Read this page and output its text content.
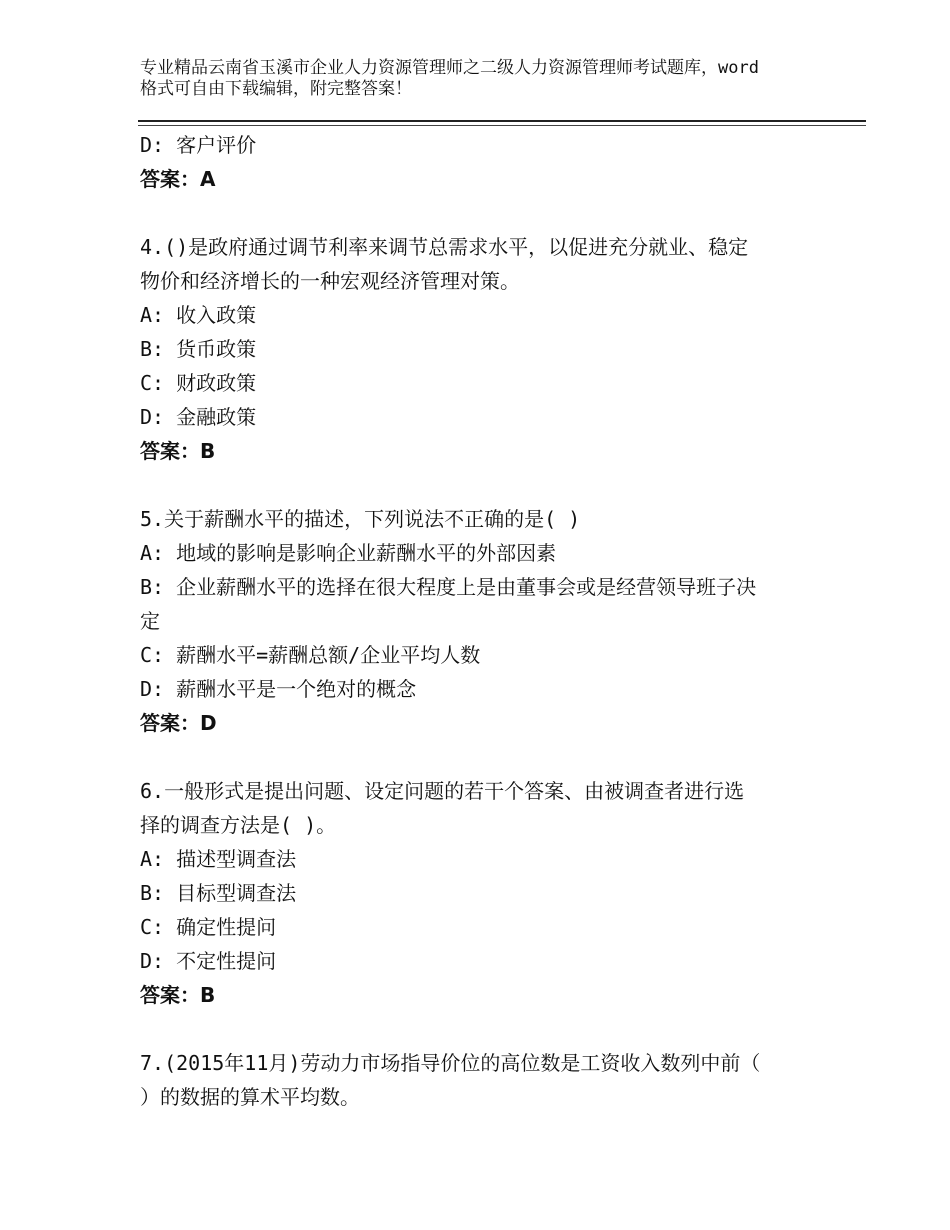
专业精品云南省玉溪市企业人力资源管理师之二级人力资源管理师考试题库，word
格式可自由下载编辑，附完整答案！
D: 客户评价
答案：A
4.()是政府通过调节利率来调节总需求水平，以促进充分就业、稳定
物价和经济增长的一种宏观经济管理对策。
A: 收入政策
B: 货币政策
C: 财政政策
D: 金融政策
答案：B
5.关于薪酬水平的描述，下列说法不正确的是( )
A: 地域的影响是影响企业薪酬水平的外部因素
B: 企业薪酬水平的选择在很大程度上是由董事会或是经营领导班子决
定
C: 薪酬水平=薪酬总额/企业平均人数
D: 薪酬水平是一个绝对的概念
答案：D
6.一般形式是提出问题、设定问题的若干个答案、由被调查者进行选
择的调查方法是( )。
A: 描述型调查法
B: 目标型调查法
C: 确定性提问
D: 不定性提问
答案：B
7.(2015年11月)劳动力市场指导价位的高位数是工资收入数列中前（
）的数据的算术平均数。
